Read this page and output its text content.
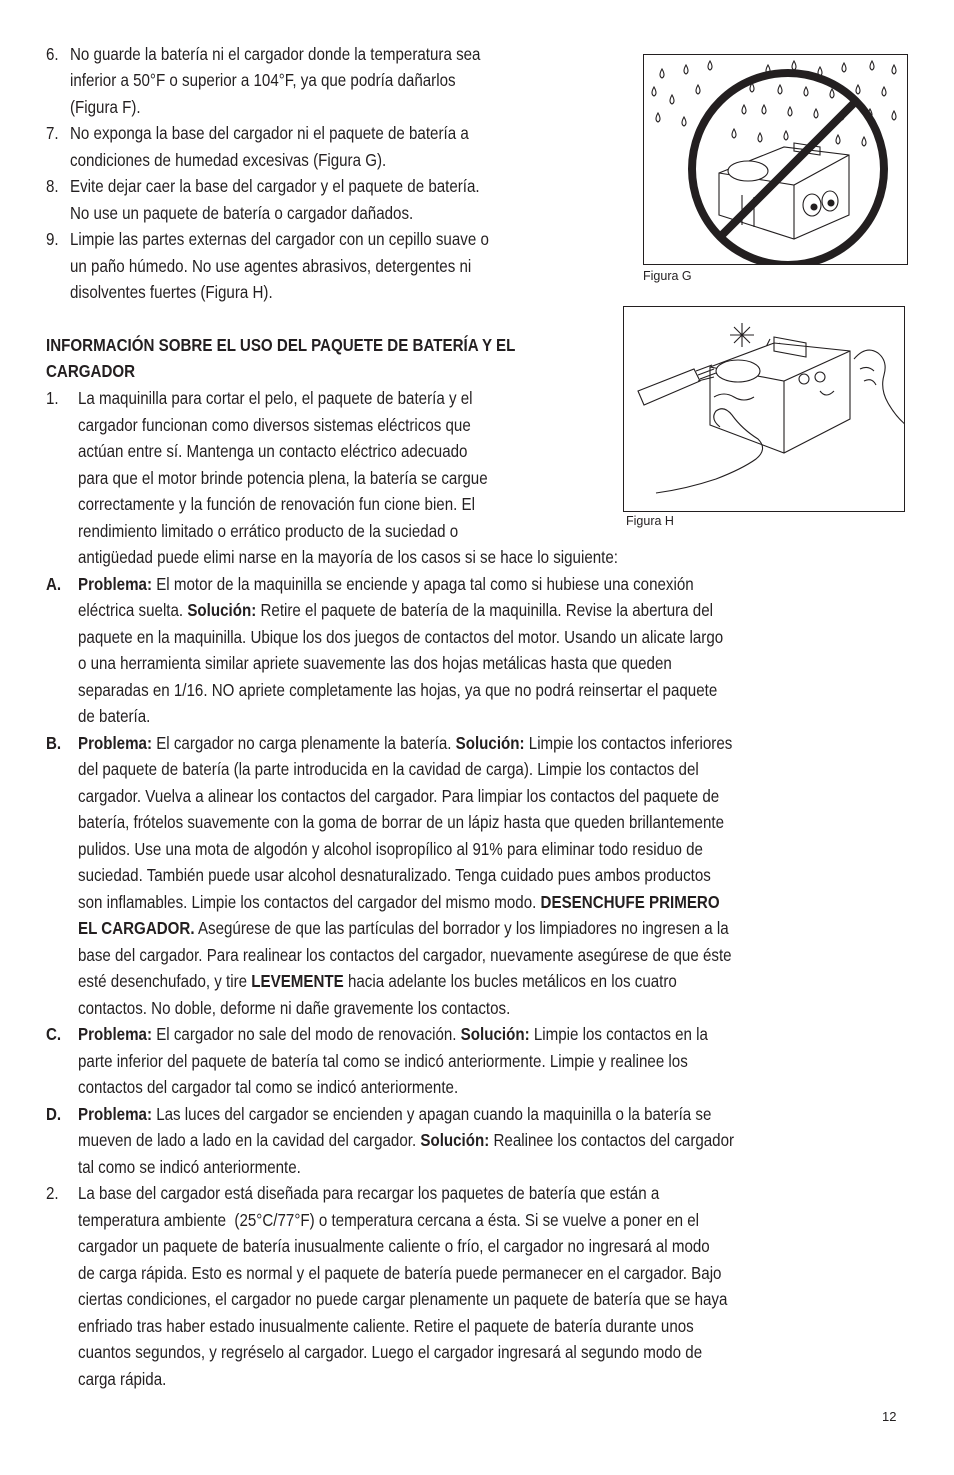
6. No guarde la batería ni el cargador donde la temperatura sea
inferior a 50°F o superior a 104°F, ya que podría dañarlos
(Figura F).
7. No exponga la base del cargador ni el paquete de batería a
condiciones de humedad excesivas (Figura G).
8. Evite dejar caer la base del cargador y el paquete de batería.
No use un paquete de batería o cargador dañados.
9. Limpie las partes externas del cargador con un cepillo suave o
un paño húmedo. No use agentes abrasivos, detergentes ni
disolventes fuertes (Figura H).
INFORMACIÓN SOBRE EL USO DEL PAQUETE DE BATERÍA Y EL
CARGADOR
1. La maquinilla para cortar el pelo, el paquete de batería y el
cargador funcionan como diversos sistemas eléctricos que
actúan entre sí. Mantenga un contacto eléctrico adecuado
para que el motor brinde potencia plena, la batería se cargue
correctamente y la función de renovación fun cione bien. El
rendimiento limitado o errático producto de la suciedad o
antigüedad puede elimi narse en la mayoría de los casos si se hace lo siguiente:
A. Problema: El motor de la maquinilla se enciende y apaga tal como si hubiese una conexión
eléctrica suelta. Solución: Retire el paquete de batería de la maquinilla. Revise la abertura del
paquete en la maquinilla. Ubique los dos juegos de contactos del motor. Usando un alicate largo
o una herramienta similar apriete suavemente las dos hojas metálicas hasta que queden
separadas en 1/16. NO apriete completamente las hojas, ya que no podrá reinsertar el paquete
de batería.
B. Problema: El cargador no carga plenamente la batería. Solución: Limpie los contactos inferiores
del paquete de batería (la parte introducida en la cavidad de carga). Limpie los contactos del
cargador. Vuelva a alinear los contactos del cargador. Para limpiar los contactos del paquete de
batería, frótelos suavemente con la goma de borrar de un lápiz hasta que queden brillantemente
pulidos. Use una mota de algodón y alcohol isopropílico al 91% para eliminar todo residuo de
suciedad. También puede usar alcohol desnaturalizado. Tenga cuidado pues ambos productos
son inflamables. Limpie los contactos del cargador del mismo modo. DESENCHUFE PRIMERO
EL CARGADOR. Asegúrese de que las partículas del borrador y los limpiadores no ingresen a la
base del cargador. Para realinear los contactos del cargador, nuevamente asegúrese de que éste
esté desenchufado, y tire LEVEMENTE hacia adelante los bucles metálicos en los cuatro
contactos. No doble, deforme ni dañe gravemente los contactos.
C. Problema: El cargador no sale del modo de renovación. Solución: Limpie los contactos en la
parte inferior del paquete de batería tal como se indicó anteriormente. Limpie y realinee los
contactos del cargador tal como se indicó anteriormente.
D. Problema: Las luces del cargador se encienden y apagan cuando la maquinilla o la batería se
mueven de lado a lado en la cavidad del cargador. Solución: Realinee los contactos del cargador
tal como se indicó anteriormente.
2. La base del cargador está diseñada para recargar los paquetes de batería que están a
temperatura ambiente  (25°C/77°F) o temperatura cercana a ésta. Si se vuelve a poner en el
cargador un paquete de batería inusualmente caliente o frío, el cargador no ingresará al modo
de carga rápida. Esto es normal y el paquete de batería puede permanecer en el cargador. Bajo
ciertas condiciones, el cargador no puede cargar plenamente un paquete de batería que se haya
enfriado tras haber estado inusualmente caliente. Retire el paquete de batería durante unos
cuantos segundos, y regréselo al cargador. Luego el cargador ingresará al segundo modo de
carga rápida.
Figura G
Figura H
12
